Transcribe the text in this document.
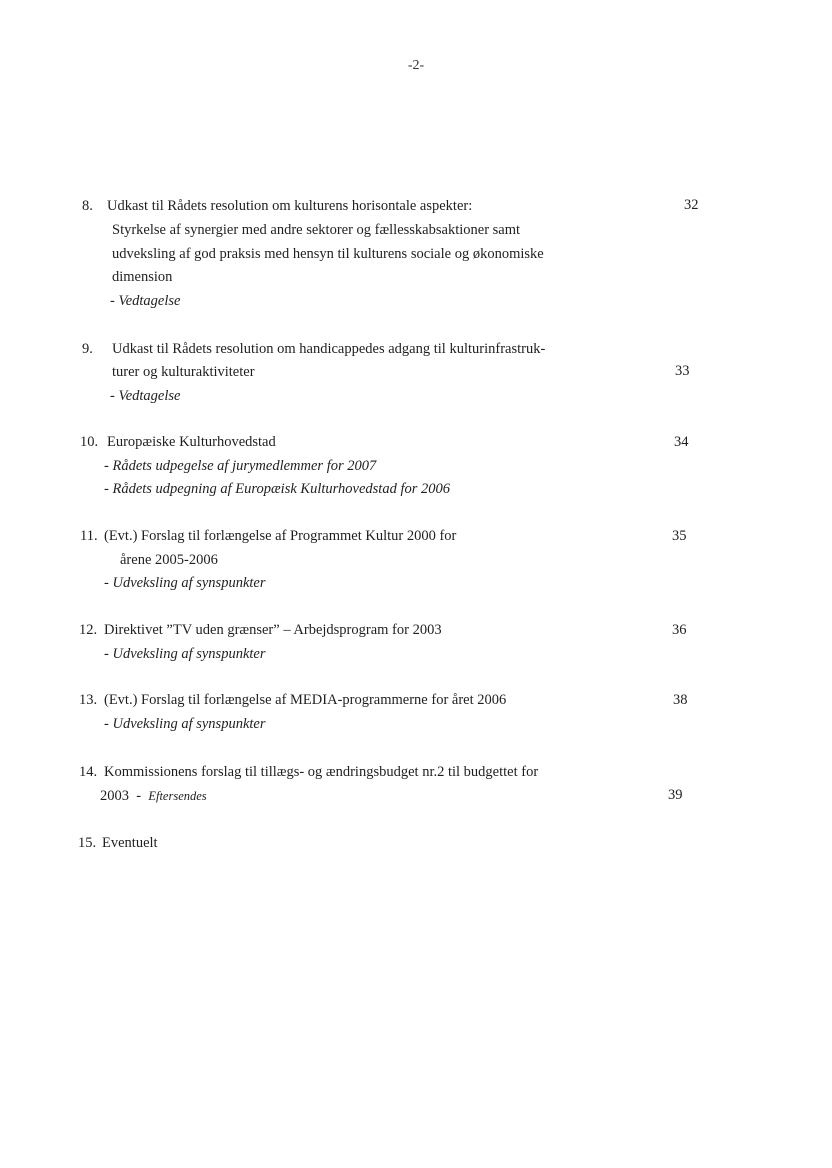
-2-
8. Udkast til Rådets resolution om kulturens horisontale aspekter:
Styrkelse af synergier med andre sektorer og fællesskabsaktioner samt
udveksling af god praksis med hensyn til kulturens sociale og økonomiske
dimension
- Vedtagelse
32
9. Udkast til Rådets resolution om handicappedes adgang til kulturinfrastruk-
turer og kulturaktiviteter
- Vedtagelse
33
10. Europæiske Kulturhovedstad
- Rådets udpegelse af jurymedlemmer for 2007
- Rådets udpegning af Europæisk Kulturhovedstad for 2006
34
11. (Evt.) Forslag til forlængelse af Programmet Kultur 2000 for
årene 2005-2006
- Udveksling af synspunkter
35
12. Direktivet ”TV uden grænser” – Arbejdsprogram for 2003
- Udveksling af synspunkter
36
13. (Evt.) Forslag til forlængelse af MEDIA-programmerne for året 2006
- Udveksling af synspunkter
38
14. Kommissionens forslag til tillægs- og ændringsbudget nr.2 til budgettet for
2003 - Eftersendes	39
15. Eventuelt
